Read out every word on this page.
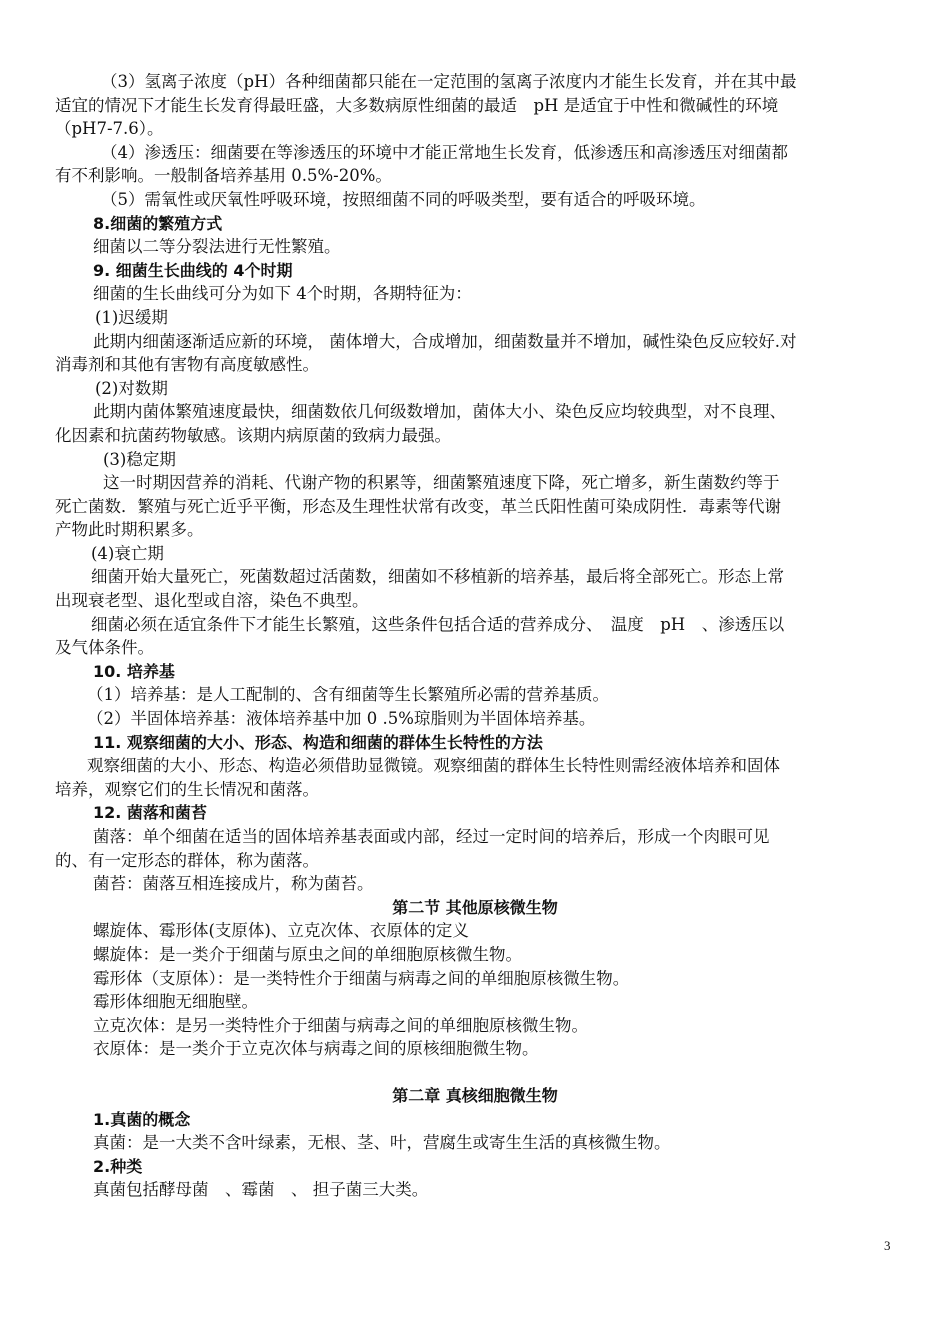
（3）氢离子浓度（pH）各种细菌都只能在一定范围的氢离子浓度内才能生长发育，并在其中最

适宜的情况下才能生长发育得最旺盛，大多数病原性细菌的最适　pH 是适宜于中性和微碱性的环境

（pH7-7.6）。

（4）渗透压：细菌要在等渗透压的环境中才能正常地生长发育，低渗透压和高渗透压对细菌都

有不利影响。一般制备培养基用 0.5%-20%。

（5）需氧性或厌氧性呼吸环境，按照细菌不同的呼吸类型，要有适合的呼吸环境。

8.细菌的繁殖方式

细菌以二等分裂法进行无性繁殖。

9. 细菌生长曲线的 4个时期

细菌的生长曲线可分为如下 4个时期，各期特征为：

(1)迟缓期

此期内细菌逐渐适应新的环境， 菌体增大，合成增加，细菌数量并不增加，碱性染色反应较好.对

消毒剂和其他有害物有高度敏感性。

(2)对数期

此期内菌体繁殖速度最快，细菌数依几何级数增加，菌体大小、染色反应均较典型，对不良理、

化因素和抗菌药物敏感。该期内病原菌的致病力最强。

(3)稳定期

这一时期因营养的消耗、代谢产物的积累等，细菌繁殖速度下降，死亡增多，新生菌数约等于

死亡菌数．繁殖与死亡近乎平衡，形态及生理性状常有改变，革兰氏阳性菌可染成阴性．毒素等代谢

产物此时期积累多。

(4)衰亡期

细菌开始大量死亡，死菌数超过活菌数，细菌如不移植新的培养基，最后将全部死亡。形态上常

出现衰老型、退化型或自溶，染色不典型。

细菌必须在适宜条件下才能生长繁殖，这些条件包括合适的营养成分、　温度　pH　、渗透压以

及气体条件。

10. 培养基

（1）培养基：是人工配制的、含有细菌等生长繁殖所必需的营养基质。

（2）半固体培养基：液体培养基中加 0 .5%琼脂则为半固体培养基。

11. 观察细菌的大小、形态、构造和细菌的群体生长特性的方法

观察细菌的大小、形态、构造必须借助显微镜。观察细菌的群体生长特性则需经液体培养和固体

培养，观察它们的生长情况和菌落。

12. 菌落和菌苔

菌落：单个细菌在适当的固体培养基表面或内部，经过一定时间的培养后，形成一个肉眼可见

的、有一定形态的群体，称为菌落。

菌苔：菌落互相连接成片，称为菌苔。

第二节 其他原核微生物

螺旋体、霉形体(支原体)、立克次体、衣原体的定义

螺旋体：是一类介于细菌与原虫之间的单细胞原核微生物。

霉形体（支原体）：是一类特性介于细菌与病毒之间的单细胞原核微生物。

霉形体细胞无细胞壁。

立克次体：是另一类特性介于细菌与病毒之间的单细胞原核微生物。

衣原体：是一类介于立克次体与病毒之间的原核细胞微生物。

第二章 真核细胞微生物

1.真菌的概念

真菌：是一大类不含叶绿素，无根、茎、叶，营腐生或寄生生活的真核微生物。

2.种类

真菌包括酵母菌　、霉菌　、 担子菌三大类。

3
